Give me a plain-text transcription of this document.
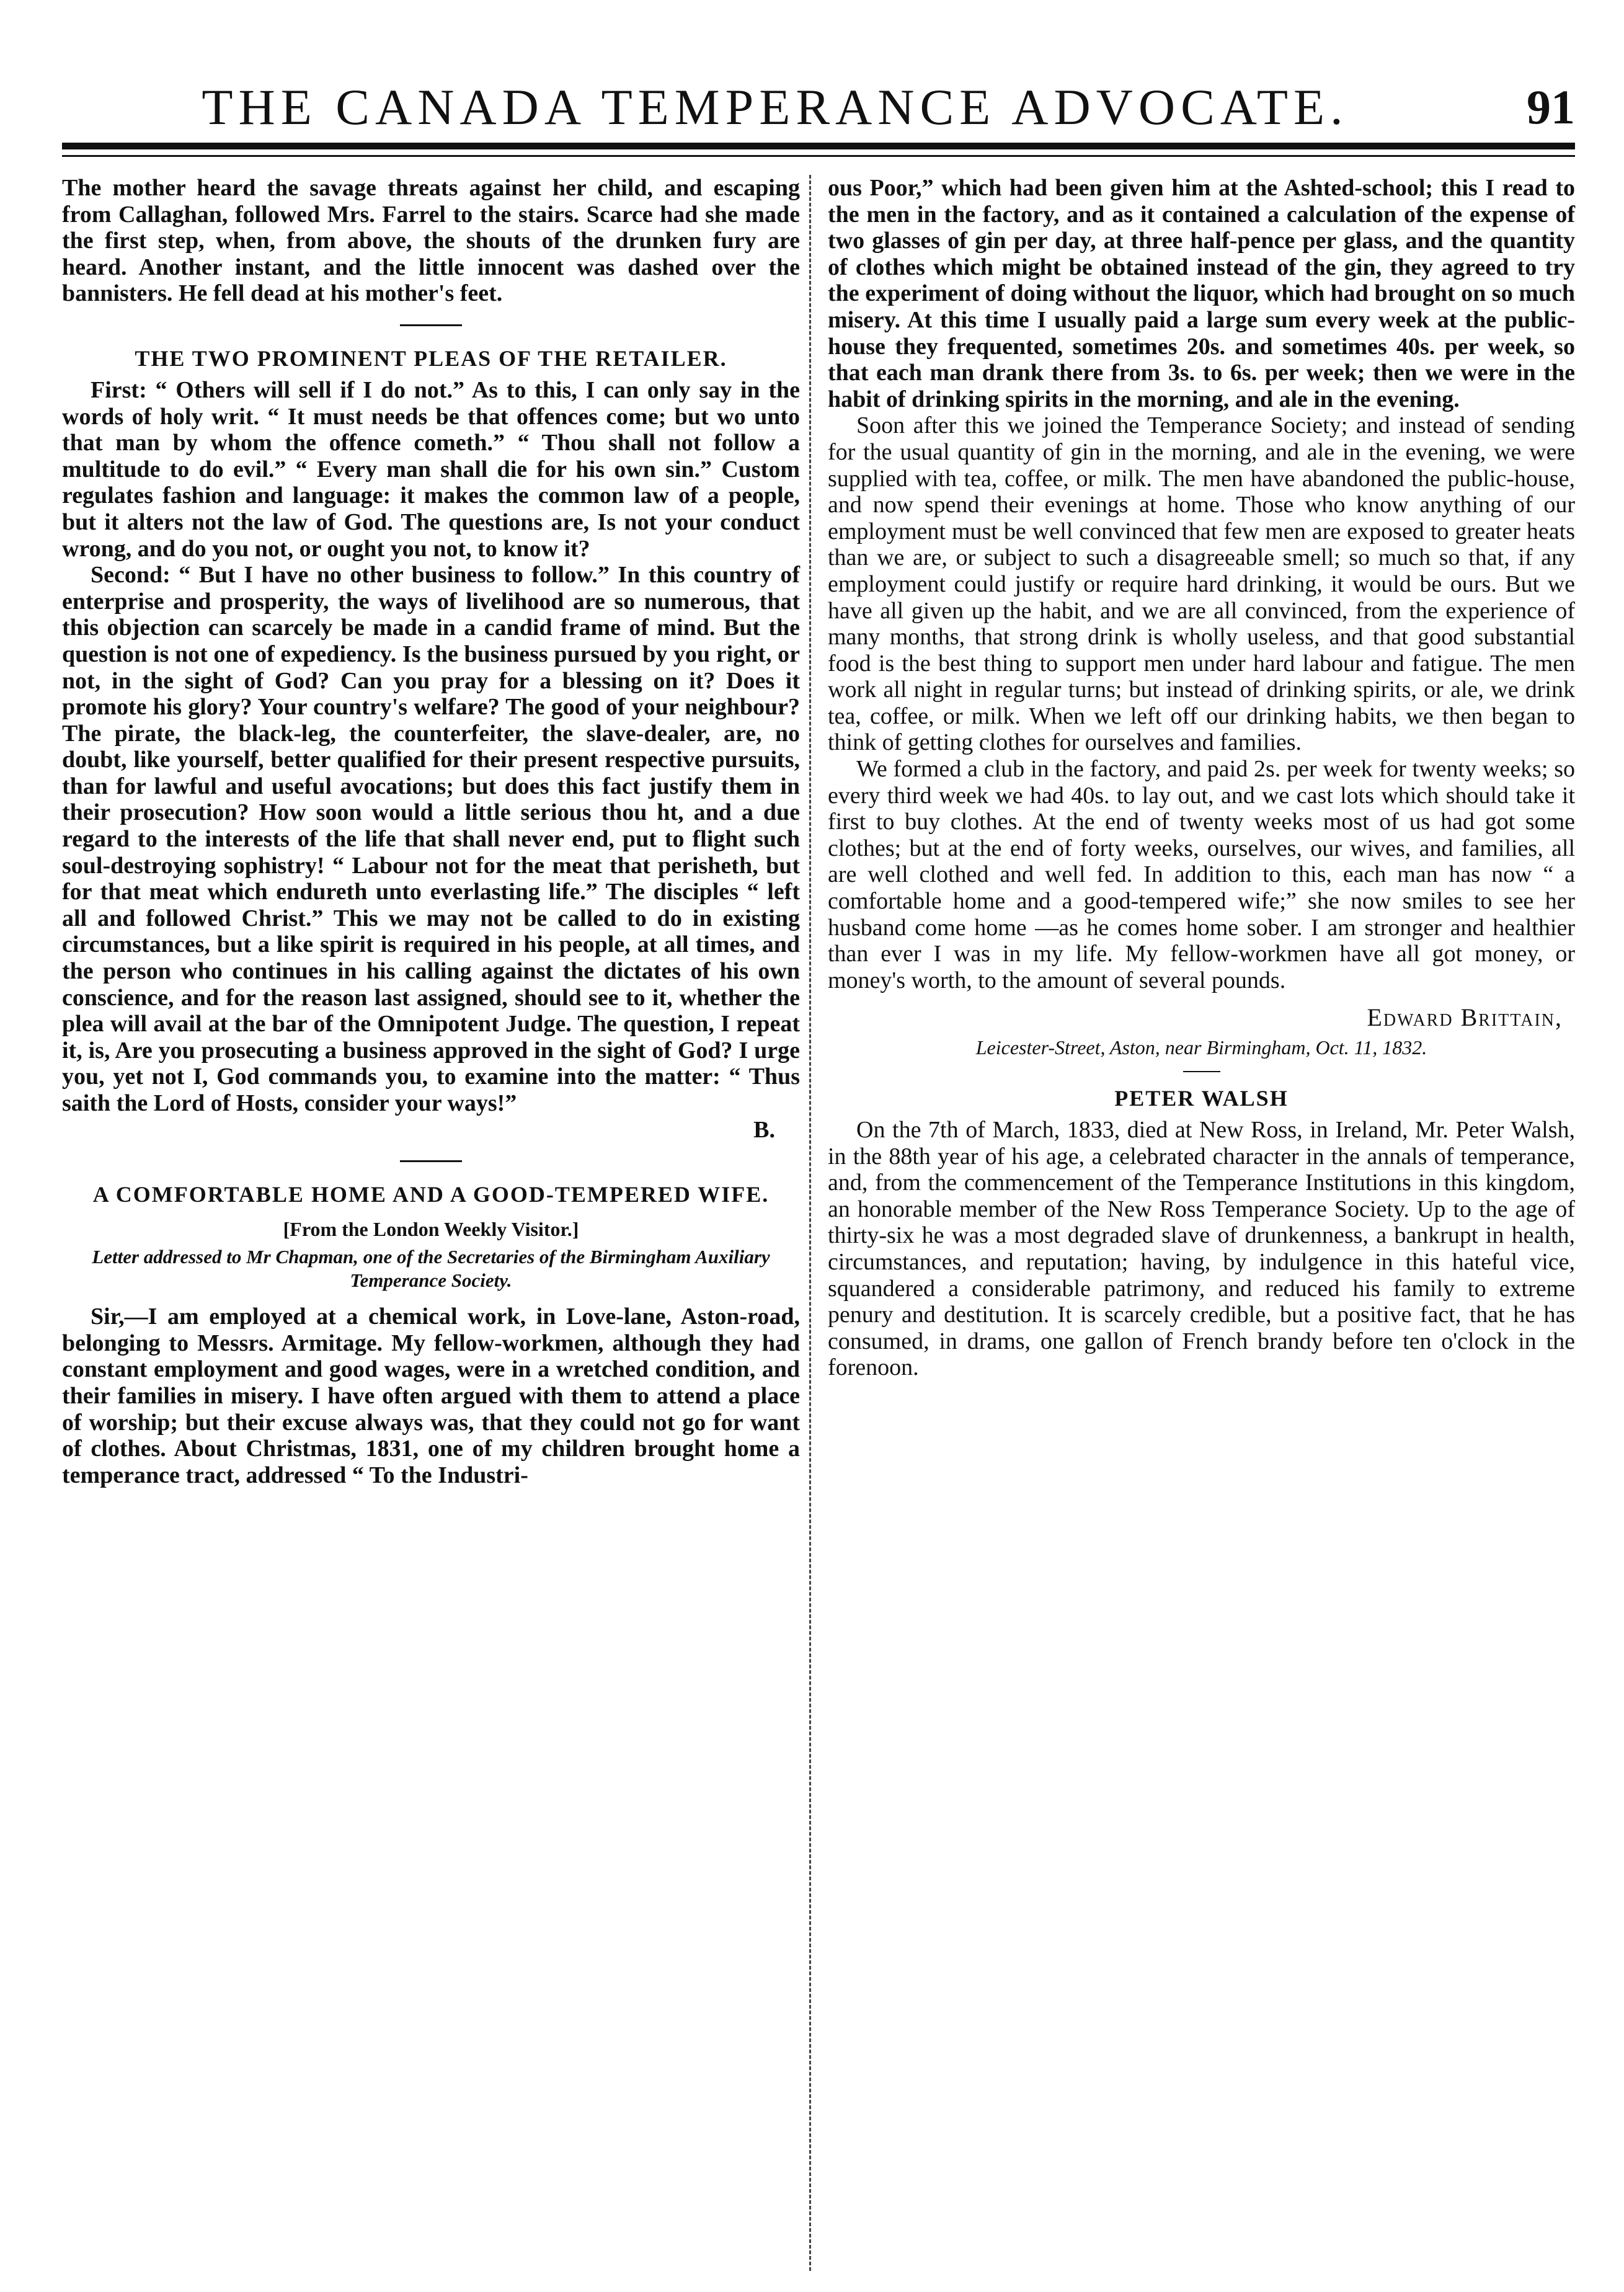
THE CANADA TEMPERANCE ADVOCATE.	91

The mother heard the savage threats against her child, and escaping from Callaghan, followed Mrs. Farrel to the stairs. Scarce had she made the first step, when, from above, the shouts of the drunken fury are heard. Another instant, and the little innocent was dashed over the bannisters. He fell dead at his mother's feet.

THE TWO PROMINENT PLEAS OF THE RETAILER.

First: “ Others will sell if I do not.” As to this, I can only say in the words of holy writ. “ It must needs be that offences come; but wo unto that man by whom the offence cometh.” “ Thou shall not follow a multitude to do evil.” “ Every man shall die for his own sin.” Custom regulates fashion and language: it makes the common law of a people, but it alters not the law of God. The questions are, Is not your conduct wrong, and do you not, or ought you not, to know it?

Second: “ But I have no other business to follow.” In this country of enterprise and prosperity, the ways of livelihood are so numerous, that this objection can scarcely be made in a candid frame of mind. But the question is not one of expediency. Is the business pursued by you right, or not, in the sight of God? Can you pray for a blessing on it? Does it promote his glory? Your country's welfare? The good of your neighbour? The pirate, the black-leg, the counterfeiter, the slave-dealer, are, no doubt, like yourself, better qualified for their present respective pursuits, than for lawful and useful avocations; but does this fact justify them in their prosecution? How soon would a little serious thou ht, and a due regard to the interests of the life that shall never end, put to flight such soul-destroying sophistry! “ Labour not for the meat that perisheth, but for that meat which endureth unto everlasting life.” The disciples “ left all and followed Christ.” This we may not be called to do in existing circumstances, but a like spirit is required in his people, at all times, and the person who continues in his calling against the dictates of his own conscience, and for the reason last assigned, should see to it, whether the plea will avail at the bar of the Omnipotent Judge. The question, I repeat it, is, Are you prosecuting a business approved in the sight of God? I urge you, yet not I, God commands you, to examine into the matter: “ Thus saith the Lord of Hosts, consider your ways!”

B.

A COMFORTABLE HOME AND A GOOD-TEMPERED WIFE.

[From the London Weekly Visitor.]

Letter addressed to Mr Chapman, one of the Secretaries of the Birmingham Auxiliary Temperance Society.

Sir,—I am employed at a chemical work, in Love-lane, Aston-road, belonging to Messrs. Armitage. My fellow-workmen, although they had constant employment and good wages, were in a wretched condition, and their families in misery. I have often argued with them to attend a place of worship; but their excuse always was, that they could not go for want of clothes. About Christmas, 1831, one of my children brought home a temperance tract, addressed “ To the Industri-

ous Poor,” which had been given him at the Ashted-school; this I read to the men in the factory, and as it contained a calculation of the expense of two glasses of gin per day, at three half-pence per glass, and the quantity of clothes which might be obtained instead of the gin, they agreed to try the experiment of doing without the liquor, which had brought on so much misery. At this time I usually paid a large sum every week at the public-house they frequented, sometimes 20s. and sometimes 40s. per week, so that each man drank there from 3s. to 6s. per week; then we were in the habit of drinking spirits in the morning, and ale in the evening.

Soon after this we joined the Temperance Society; and instead of sending for the usual quantity of gin in the morning, and ale in the evening, we were supplied with tea, coffee, or milk. The men have abandoned the public-house, and now spend their evenings at home. Those who know anything of our employment must be well convinced that few men are exposed to greater heats than we are, or subject to such a disagreeable smell; so much so that, if any employment could justify or require hard drinking, it would be ours. But we have all given up the habit, and we are all convinced, from the experience of many months, that strong drink is wholly useless, and that good substantial food is the best thing to support men under hard labour and fatigue. The men work all night in regular turns; but instead of drinking spirits, or ale, we drink tea, coffee, or milk. When we left off our drinking habits, we then began to think of getting clothes for ourselves and families.

We formed a club in the factory, and paid 2s. per week for twenty weeks; so every third week we had 40s. to lay out, and we cast lots which should take it first to buy clothes. At the end of twenty weeks most of us had got some clothes; but at the end of forty weeks, ourselves, our wives, and families, all are well clothed and well fed. In addition to this, each man has now “ a comfortable home and a good-tempered wife;” she now smiles to see her husband come home —as he comes home sober. I am stronger and healthier than ever I was in my life. My fellow-workmen have all got money, or money's worth, to the amount of several pounds.

Edward Brittain,

Leicester-Street, Aston, near Birmingham, Oct. 11, 1832.

PETER WALSH

On the 7th of March, 1833, died at New Ross, in Ireland, Mr. Peter Walsh, in the 88th year of his age, a celebrated character in the annals of temperance, and, from the commencement of the Temperance Institutions in this kingdom, an honorable member of the New Ross Temperance Society. Up to the age of thirty-six he was a most degraded slave of drunkenness, a bankrupt in health, circumstances, and reputation; having, by indulgence in this hateful vice, squandered a considerable patrimony, and reduced his family to extreme penury and destitution. It is scarcely credible, but a positive fact, that he has consumed, in drams, one gallon of French brandy before ten o'clock in the forenoon.
